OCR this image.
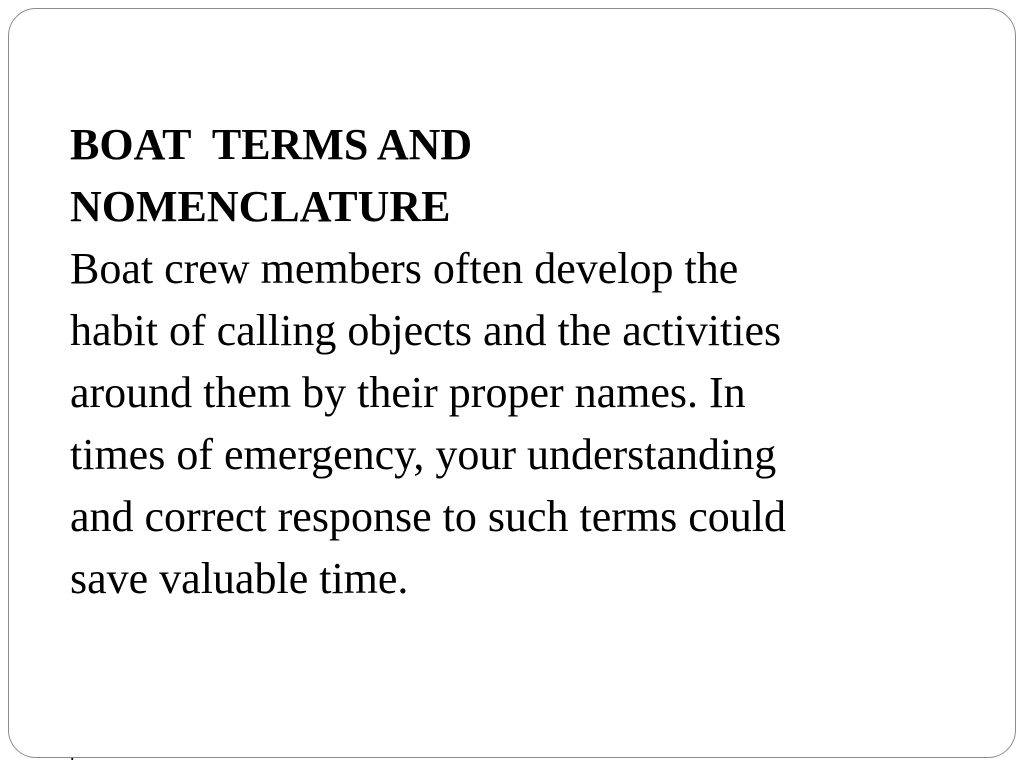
BOAT  TERMS AND
NOMENCLATURE
Boat crew members often develop the
habit of calling objects and the activities
around them by their proper names. In
times of emergency, your understanding
and correct response to such terms could
save valuable time.
.
